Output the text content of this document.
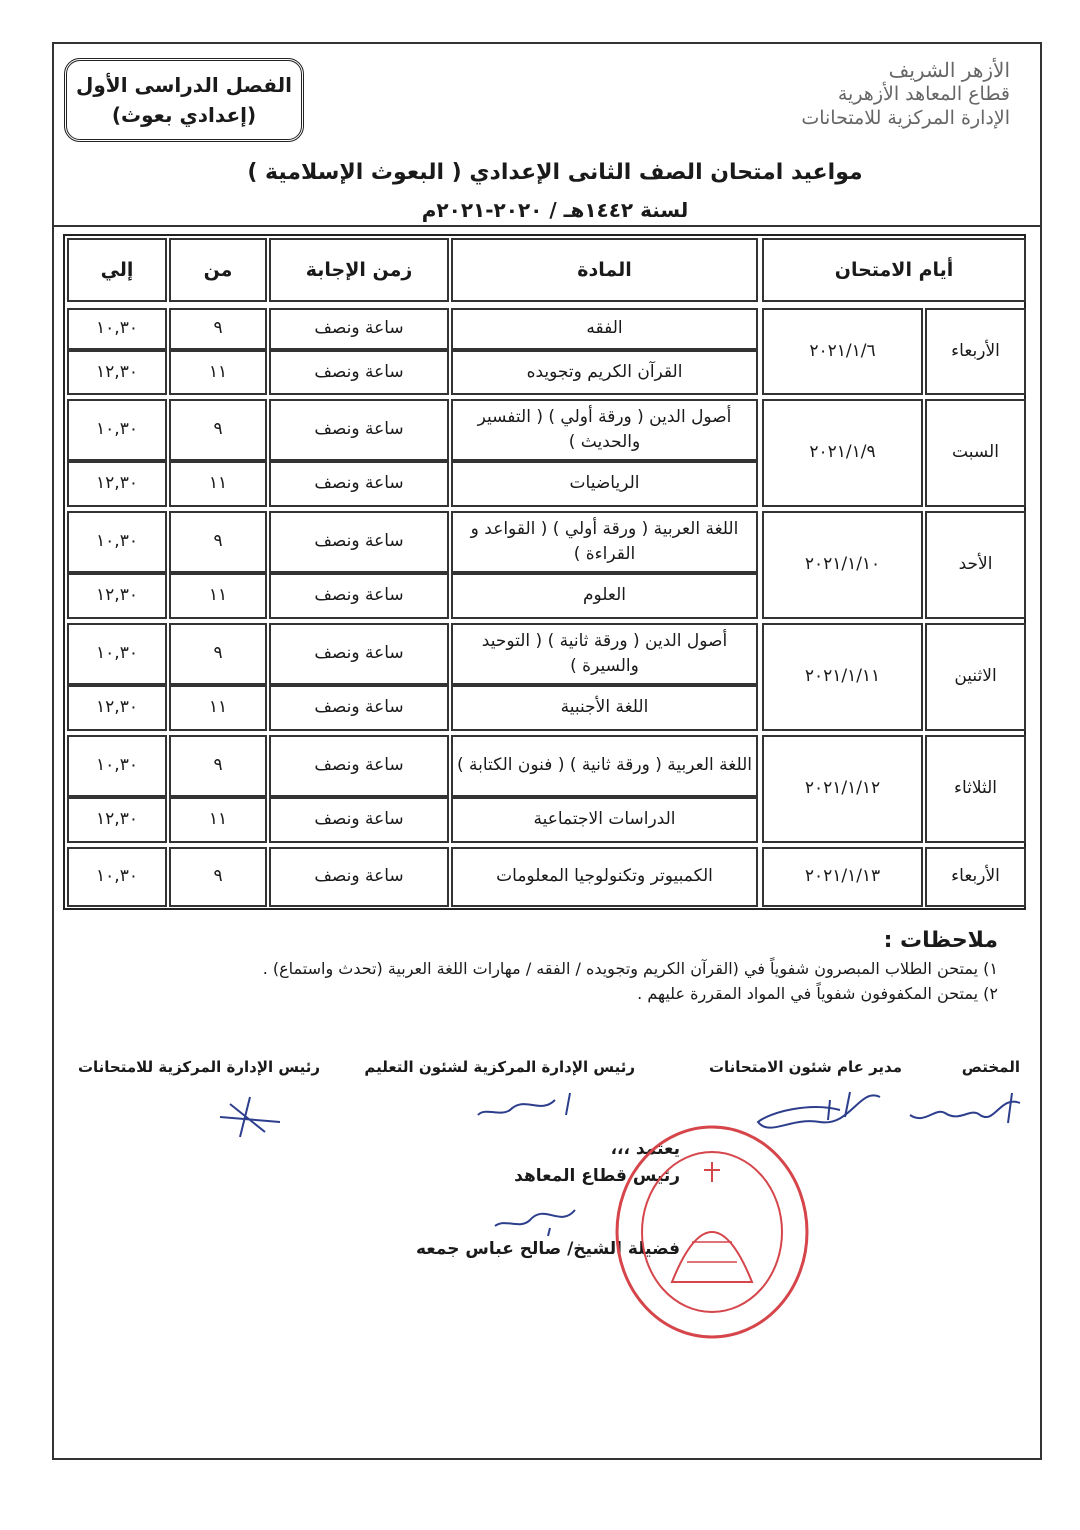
الأزهر الشريف
قطاع المعاهد الأزهرية
الإدارة المركزية للامتحانات
الفصل الدراسى الأول
(إعدادي بعوث)
مواعيد امتحان الصف الثانى الإعدادي ( البعوث الإسلامية )
لسنة ١٤٤٢هـ / ٢٠٢٠-٢٠٢١م
أيام الامتحان
المادة
زمن الإجابة
من
إلي
الأربعاء
٢٠٢١/١/٦
الفقه
ساعة ونصف
٩
١٠,٣٠
القرآن الكريم وتجويده
ساعة ونصف
١١
١٢,٣٠
السبت
٢٠٢١/١/٩
أصول الدين ( ورقة أولي ) ( التفسير والحديث )
ساعة ونصف
٩
١٠,٣٠
الرياضيات
ساعة ونصف
١١
١٢,٣٠
الأحد
٢٠٢١/١/١٠
اللغة العربية ( ورقة أولي ) ( القواعد و القراءة )
ساعة ونصف
٩
١٠,٣٠
العلوم
ساعة ونصف
١١
١٢,٣٠
الاثنين
٢٠٢١/١/١١
أصول الدين ( ورقة ثانية ) ( التوحيد والسيرة )
ساعة ونصف
٩
١٠,٣٠
اللغة الأجنبية
ساعة ونصف
١١
١٢,٣٠
الثلاثاء
٢٠٢١/١/١٢
اللغة العربية ( ورقة ثانية ) ( فنون الكتابة )
ساعة ونصف
٩
١٠,٣٠
الدراسات الاجتماعية
ساعة ونصف
١١
١٢,٣٠
الأربعاء
٢٠٢١/١/١٣
الكمبيوتر وتكنولوجيا المعلومات
ساعة ونصف
٩
١٠,٣٠
ملاحظات :
١) يمتحن الطلاب المبصرون شفوياً في (القرآن الكريم وتجويده / الفقه / مهارات اللغة العربية (تحدث واستماع) .
٢) يمتحن المكفوفون شفوياً في المواد المقررة عليهم .
المختص
مدير عام شئون الامتحانات
رئيس الإدارة المركزية لشئون التعليم
رئيس الإدارة المركزية للامتحانات
يعتمد ،،،
رئيس قطاع المعاهد
فضيلة الشيخ/ صالح عباس جمعه
